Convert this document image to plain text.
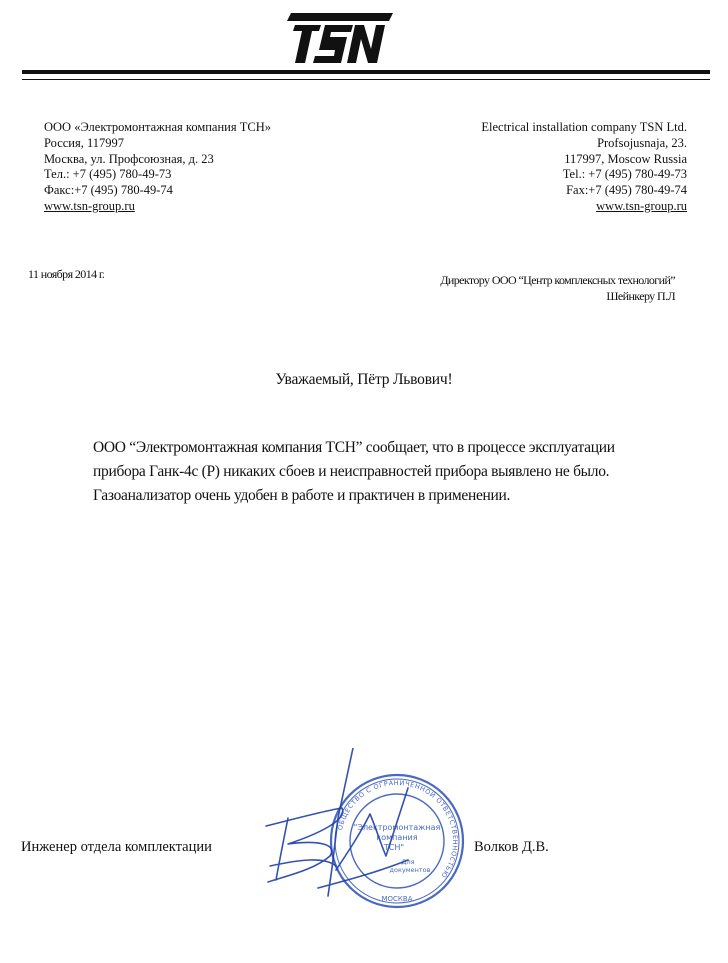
ООО «Электромонтажная компания ТСН»
Россия, 117997
Москва, ул. Профсоюзная, д. 23
Тел.: +7 (495) 780-49-73
Факс:+7 (495) 780-49-74
www.tsn-group.ru
Electrical installation company TSN Ltd.
Profsojusnaja, 23.
117997, Moscow Russia
Tel.: +7 (495) 780-49-73
Fax:+7 (495) 780-49-74
www.tsn-group.ru
11 ноября 2014 г.	Директору ООО “Центр комплексных технологий”
Шейнкеру П.Л
Уважаемый, Пётр Львович!
ООО “Электромонтажная компания ТСН” сообщает, что в процессе эксплуатации
прибора Ганк-4с (Р) никаких сбоев и неисправностей прибора выявлено не было.
Газоанализатор очень удобен в работе и практичен в применении.
Инженер отдела комплектации	Волков Д.В.
ОБЩЕСТВО С ОГРАНИЧЕННОЙ ОТВЕТСТВЕННОСТЬЮ
МОСКВА
"Электромонтажная
компания
ТСН"
Для
документов
